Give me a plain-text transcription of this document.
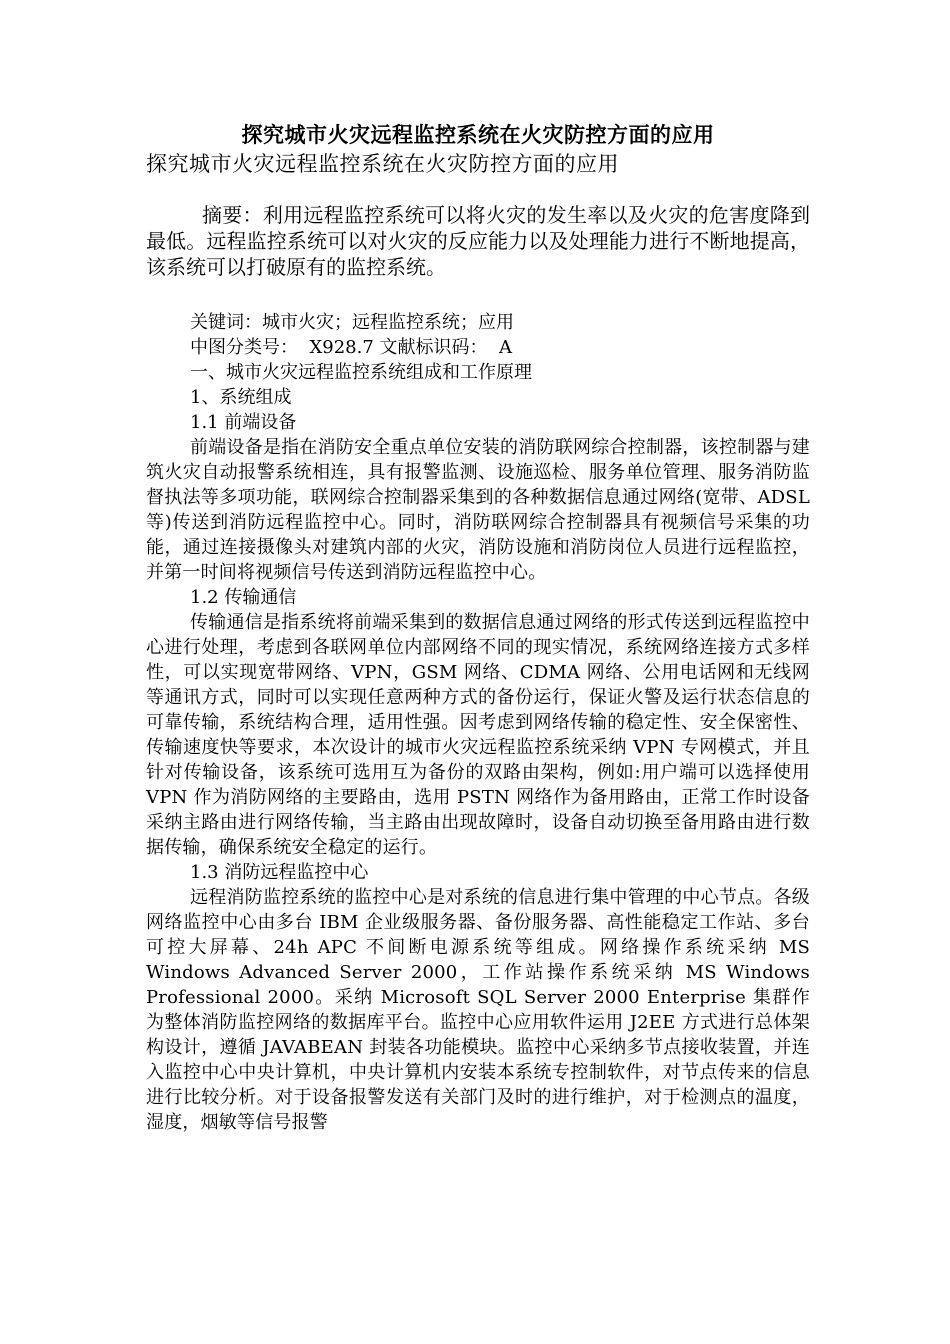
探究城市火灾远程监控系统在火灾防控方面的应用

探究城市火灾远程监控系统在火灾防控方面的应用

摘要：利用远程监控系统可以将火灾的发生率以及火灾的危害度降到最低。远程监控系统可以对火灾的反应能力以及处理能力进行不断地提高，该系统可以打破原有的监控系统。

关键词：城市火灾；远程监控系统；应用

中图分类号：  X928.7 文献标识码：  A

一、城市火灾远程监控系统组成和工作原理

1、系统组成

1.1 前端设备

前端设备是指在消防安全重点单位安装的消防联网综合控制器，该控制器与建筑火灾自动报警系统相连，具有报警监测、设施巡检、服务单位管理、服务消防监督执法等多项功能，联网综合控制器采集到的各种数据信息通过网络(宽带、ADSL 等)传送到消防远程监控中心。同时，消防联网综合控制器具有视频信号采集的功能，通过连接摄像头对建筑内部的火灾，消防设施和消防岗位人员进行远程监控，并第一时间将视频信号传送到消防远程监控中心。

1.2 传输通信

传输通信是指系统将前端采集到的数据信息通过网络的形式传送到远程监控中心进行处理，考虑到各联网单位内部网络不同的现实情况，系统网络连接方式多样性，可以实现宽带网络、VPN，GSM 网络、CDMA 网络、公用电话网和无线网等通讯方式，同时可以实现任意两种方式的备份运行，保证火警及运行状态信息的可靠传输，系统结构合理，适用性强。因考虑到网络传输的稳定性、安全保密性、传输速度快等要求，本次设计的城市火灾远程监控系统采纳 VPN 专网模式，并且针对传输设备，该系统可选用互为备份的双路由架构，例如:用户端可以选择使用 VPN 作为消防网络的主要路由，选用 PSTN 网络作为备用路由，正常工作时设备采纳主路由进行网络传输，当主路由出现故障时，设备自动切换至备用路由进行数据传输，确保系统安全稳定的运行。

1.3 消防远程监控中心

远程消防监控系统的监控中心是对系统的信息进行集中管理的中心节点。各级网络监控中心由多台 IBM 企业级服务器、备份服务器、高性能稳定工作站、多台可控大屏幕、24h APC 不间断电源系统等组成。网络操作系统采纳 MS Windows Advanced Server 2000，工作站操作系统采纳 MS Windows Professional 2000。采纳 Microsoft SQL Server 2000 Enterprise 集群作为整体消防监控网络的数据库平台。监控中心应用软件运用 J2EE 方式进行总体架构设计，遵循 JAVABEAN 封装各功能模块。监控中心采纳多节点接收装置，并连入监控中心中央计算机，中央计算机内安装本系统专控制软件，对节点传来的信息进行比较分析。对于设备报警发送有关部门及时的进行维护，对于检测点的温度，湿度，烟敏等信号报警
